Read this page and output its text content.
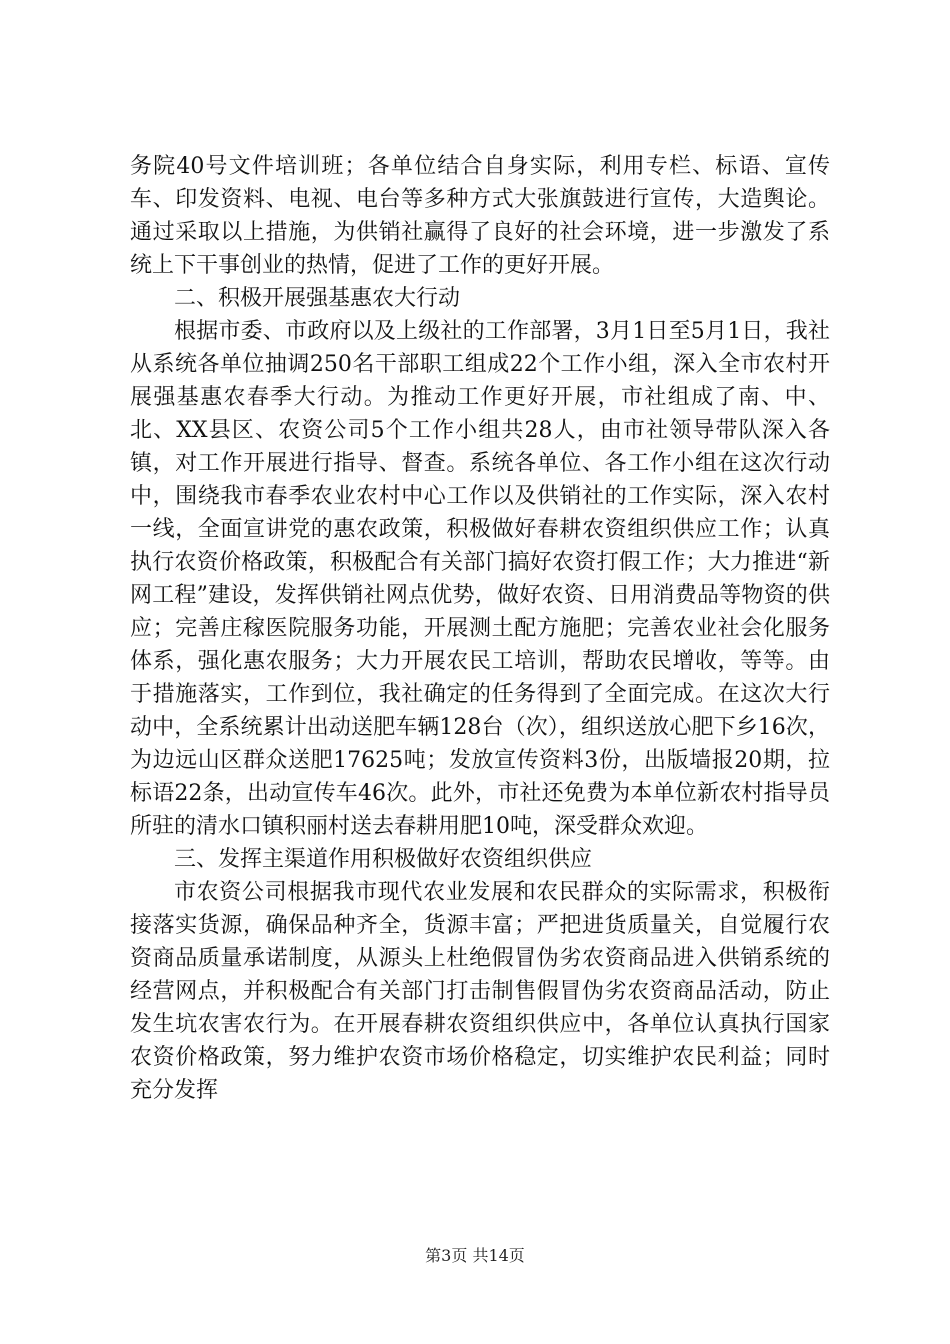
务院40号文件培训班；各单位结合自身实际，利用专栏、标语、宣传车、印发资料、电视、电台等多种方式大张旗鼓进行宣传，大造舆论。通过采取以上措施，为供销社赢得了良好的社会环境，进一步激发了系统上下干事创业的热情，促进了工作的更好开展。

二、积极开展强基惠农大行动

根据市委、市政府以及上级社的工作部署，3月1日至5月1日，我社从系统各单位抽调250名干部职工组成22个工作小组，深入全市农村开展强基惠农春季大行动。为推动工作更好开展，市社组成了南、中、北、XX县区、农资公司5个工作小组共28人，由市社领导带队深入各镇，对工作开展进行指导、督查。系统各单位、各工作小组在这次行动中，围绕我市春季农业农村中心工作以及供销社的工作实际，深入农村一线，全面宣讲党的惠农政策，积极做好春耕农资组织供应工作；认真执行农资价格政策，积极配合有关部门搞好农资打假工作；大力推进“新网工程”建设，发挥供销社网点优势，做好农资、日用消费品等物资的供应；完善庄稼医院服务功能，开展测土配方施肥；完善农业社会化服务体系，强化惠农服务；大力开展农民工培训，帮助农民增收，等等。由于措施落实，工作到位，我社确定的任务得到了全面完成。在这次大行动中，全系统累计出动送肥车辆128台（次），组织送放心肥下乡16次，为边远山区群众送肥17625吨；发放宣传资料3份，出版墙报20期，拉标语22条，出动宣传车46次。此外，市社还免费为本单位新农村指导员所驻的清水口镇积丽村送去春耕用肥10吨，深受群众欢迎。

三、发挥主渠道作用积极做好农资组织供应

市农资公司根据我市现代农业发展和农民群众的实际需求，积极衔接落实货源，确保品种齐全，货源丰富；严把进货质量关，自觉履行农资商品质量承诺制度，从源头上杜绝假冒伪劣农资商品进入供销系统的经营网点，并积极配合有关部门打击制售假冒伪劣农资商品活动，防止发生坑农害农行为。在开展春耕农资组织供应中，各单位认真执行国家农资价格政策，努力维护农资市场价格稳定，切实维护农民利益；同时充分发挥

第3页 共14页
